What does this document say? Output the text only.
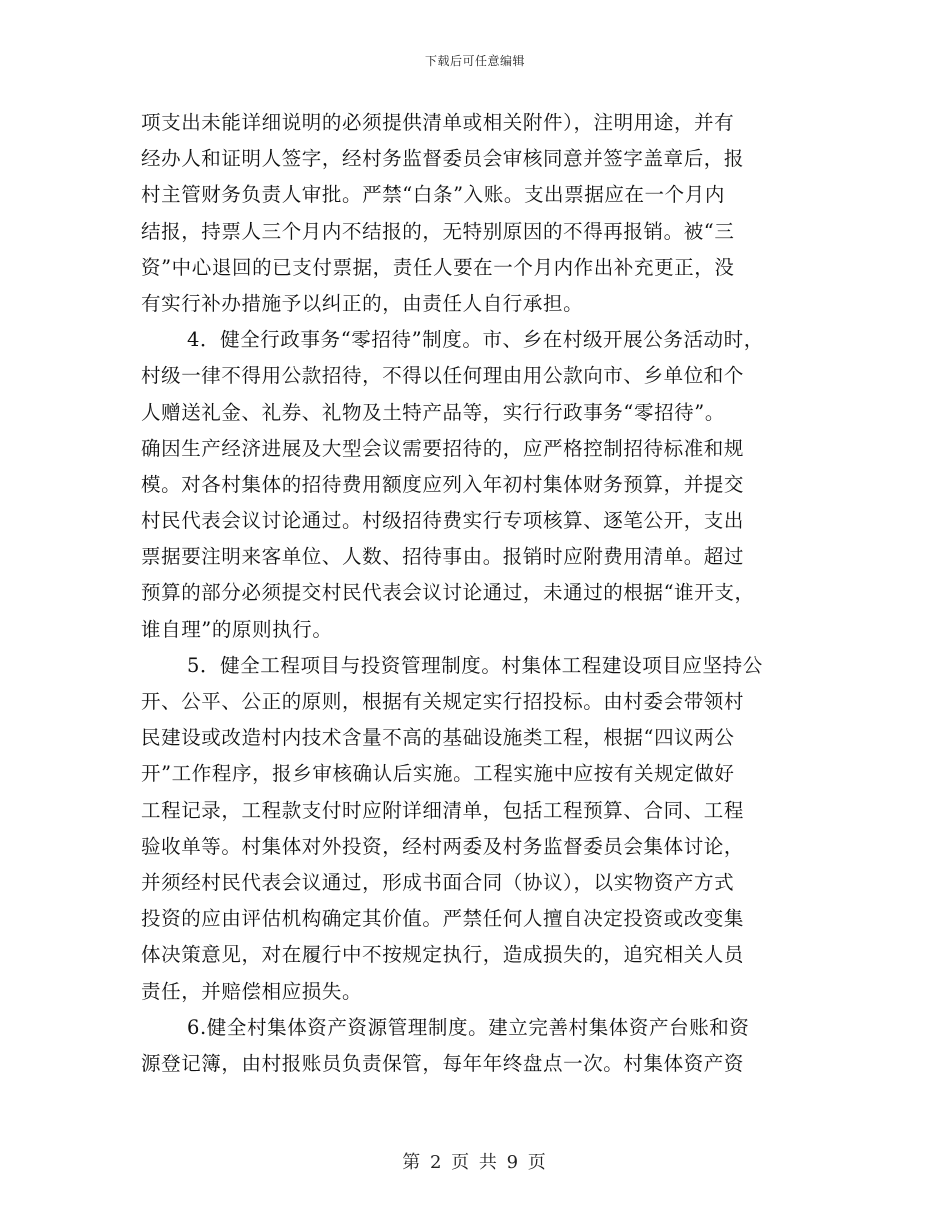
下载后可任意编辑
项支出未能详细说明的必须提供清单或相关附件），注明用途，并有
经办人和证明人签字，经村务监督委员会审核同意并签字盖章后，报
村主管财务负责人审批。严禁“白条”入账。支出票据应在一个月内
结报，持票人三个月内不结报的，无特别原因的不得再报销。被“三
资”中心退回的已支付票据，责任人要在一个月内作出补充更正，没
有实行补办措施予以纠正的，由责任人自行承担。
4．健全行政事务“零招待”制度。市、乡在村级开展公务活动时，
村级一律不得用公款招待，不得以任何理由用公款向市、乡单位和个
人赠送礼金、礼券、礼物及土特产品等，实行行政事务“零招待”。
确因生产经济进展及大型会议需要招待的，应严格控制招待标准和规
模。对各村集体的招待费用额度应列入年初村集体财务预算，并提交
村民代表会议讨论通过。村级招待费实行专项核算、逐笔公开，支出
票据要注明来客单位、人数、招待事由。报销时应附费用清单。超过
预算的部分必须提交村民代表会议讨论通过，未通过的根据“谁开支，
谁自理”的原则执行。
5．健全工程项目与投资管理制度。村集体工程建设项目应坚持公
开、公平、公正的原则，根据有关规定实行招投标。由村委会带领村
民建设或改造村内技术含量不高的基础设施类工程，根据“四议两公
开”工作程序，报乡审核确认后实施。工程实施中应按有关规定做好
工程记录，工程款支付时应附详细清单，包括工程预算、合同、工程
验收单等。村集体对外投资，经村两委及村务监督委员会集体讨论，
并须经村民代表会议通过，形成书面合同（协议），以实物资产方式
投资的应由评估机构确定其价值。严禁任何人擅自决定投资或改变集
体决策意见，对在履行中不按规定执行，造成损失的，追究相关人员
责任，并赔偿相应损失。
6.健全村集体资产资源管理制度。建立完善村集体资产台账和资
源登记簿，由村报账员负责保管，每年年终盘点一次。村集体资产资
第 2 页 共 9 页
